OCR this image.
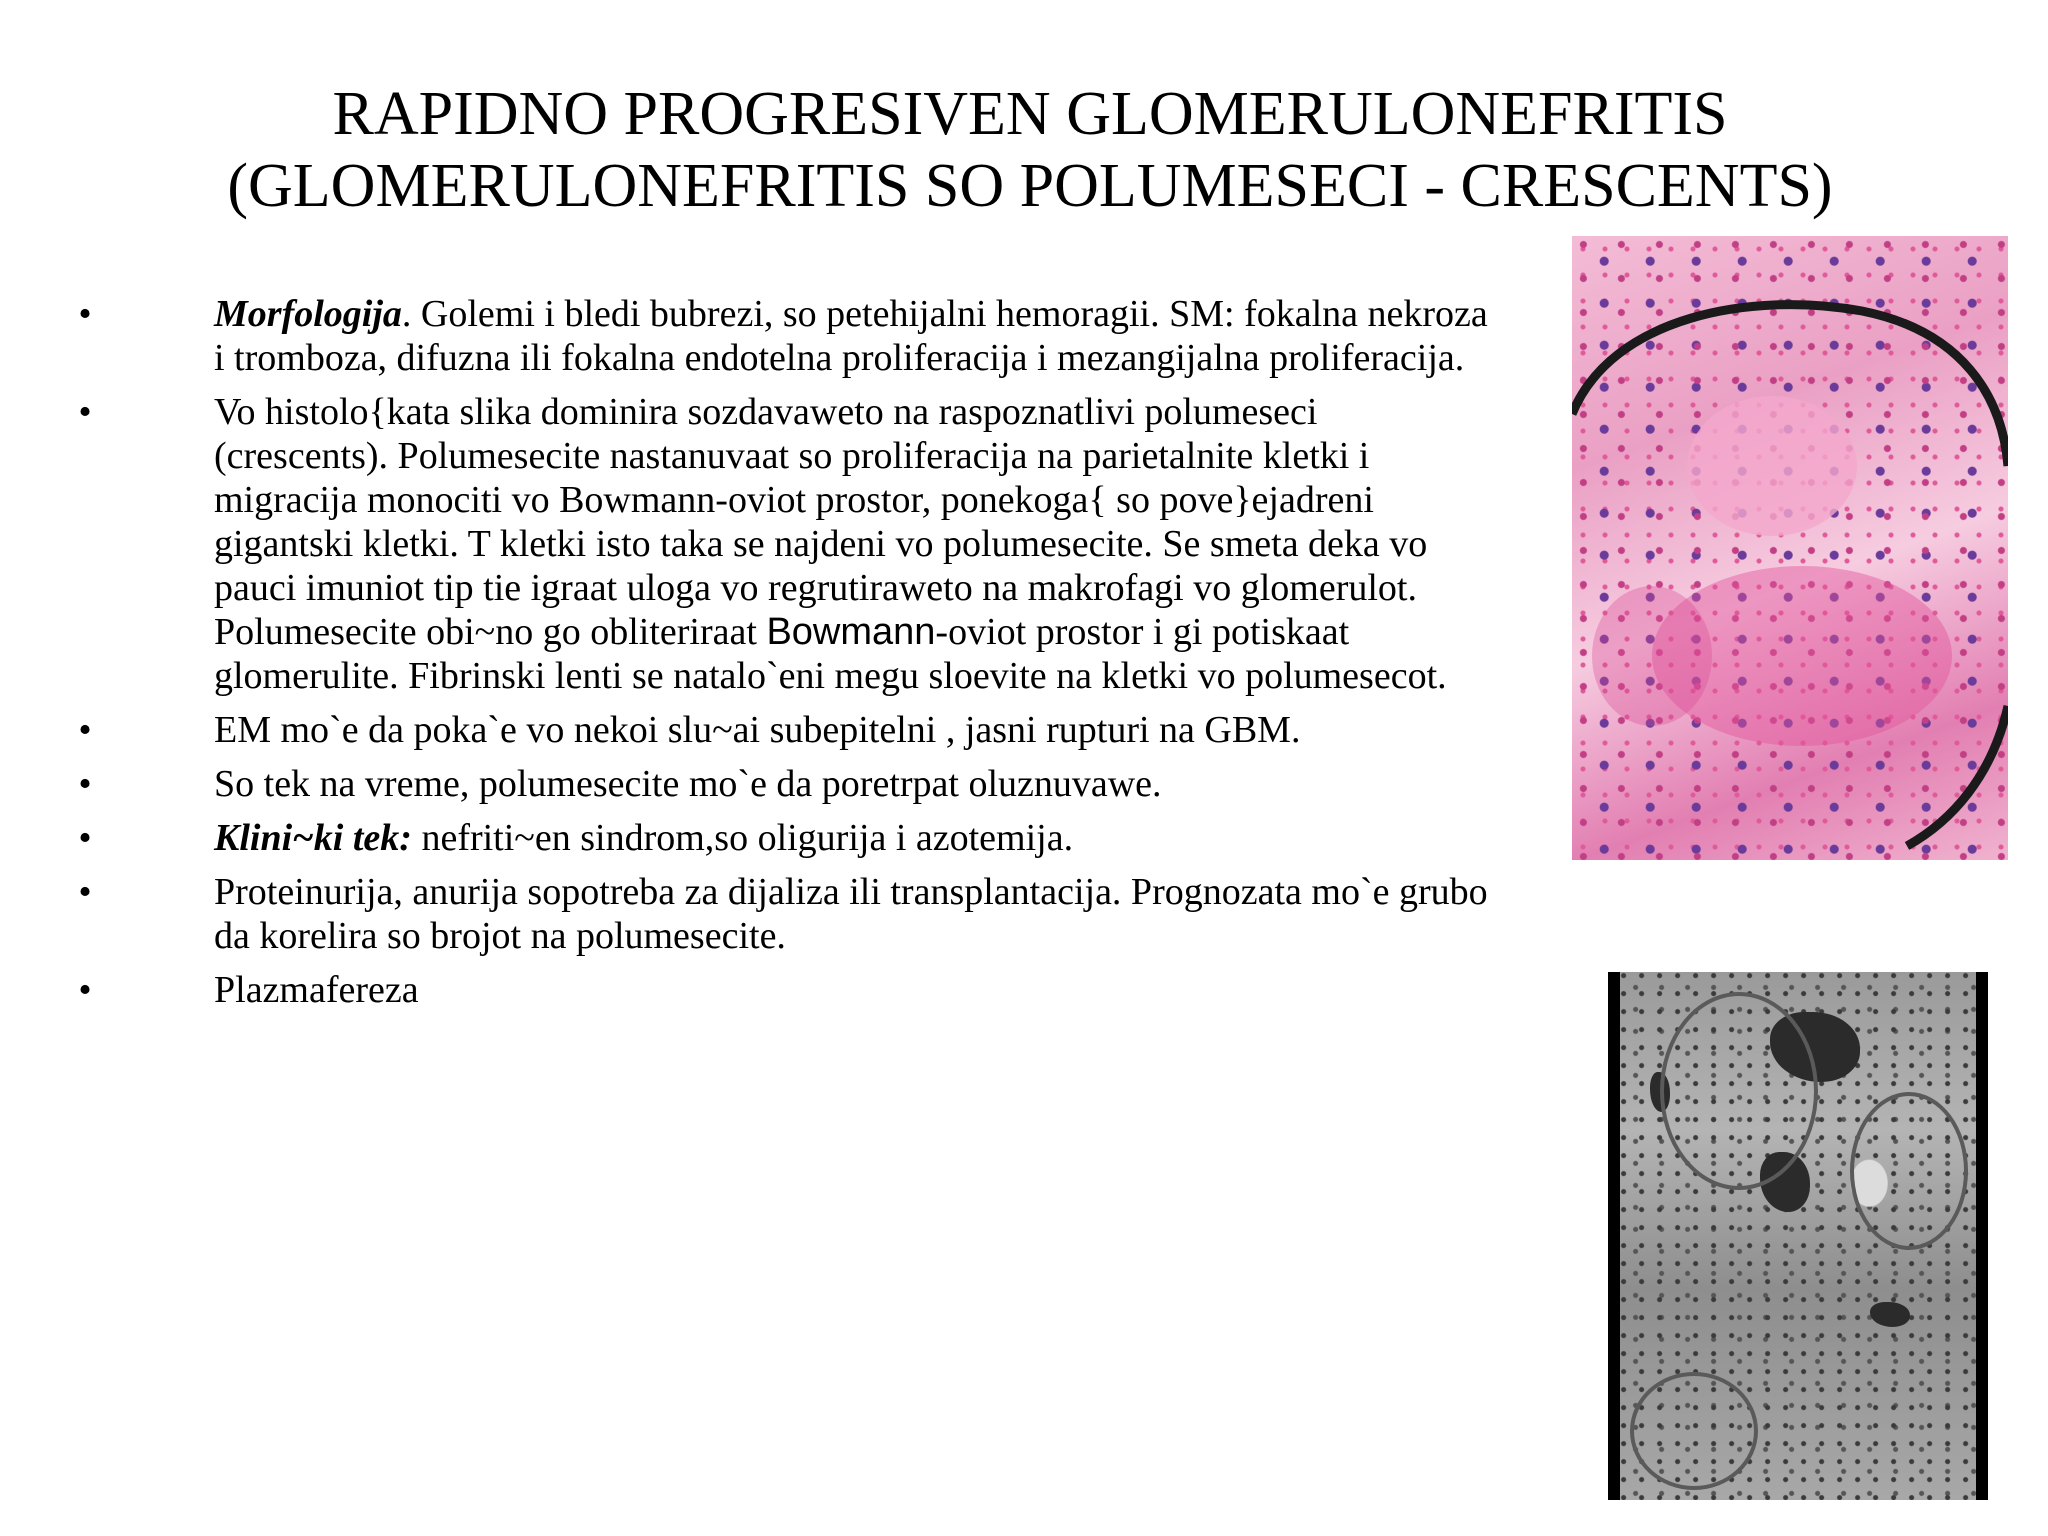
RAPIDNO PROGRESIVEN GLOMERULONEFRITIS
(GLOMERULONEFRITIS SO POLUMESECI - CRESCENTS)
•	Morfologija. Golemi i bledi bubrezi, so petehijalni hemoragii. SM: fokalna nekroza i tromboza, difuzna ili fokalna endotelna proliferacija i mezangijalna proliferacija.
•	Vo histolo{kata slika dominira sozdavaweto na raspoznatlivi polumeseci (crescents). Polumesecite nastanuvaat so proliferacija na parietalnite kletki i migracija monociti vo Bowmann-oviot prostor, ponekoga{ so pove}ejadreni gigantski kletki. T kletki isto taka se najdeni vo polumesecite. Se smeta deka vo pauci imuniot tip tie igraat uloga vo regrutiraweto na makrofagi vo glomerulot. Polumesecite obi~no go obliteriraat Bowmann-oviot prostor i gi potiskaat glomerulite. Fibrinski lenti se natalo`eni megu sloevite na kletki vo polumesecot.
•	EM mo`e da poka`e vo nekoi slu~ai subepitelni , jasni rupturi na GBM.
•	So tek na vreme, polumesecite mo`e da poretrpat oluznuvawe.
•	Klini~ki tek: nefriti~en sindrom,so oligurija i azotemija.
•	Proteinurija, anurija sopotreba za dijaliza ili transplantacija. Prognozata mo`e grubo da korelira so brojot na polumesecite.
•	Plazmafereza
